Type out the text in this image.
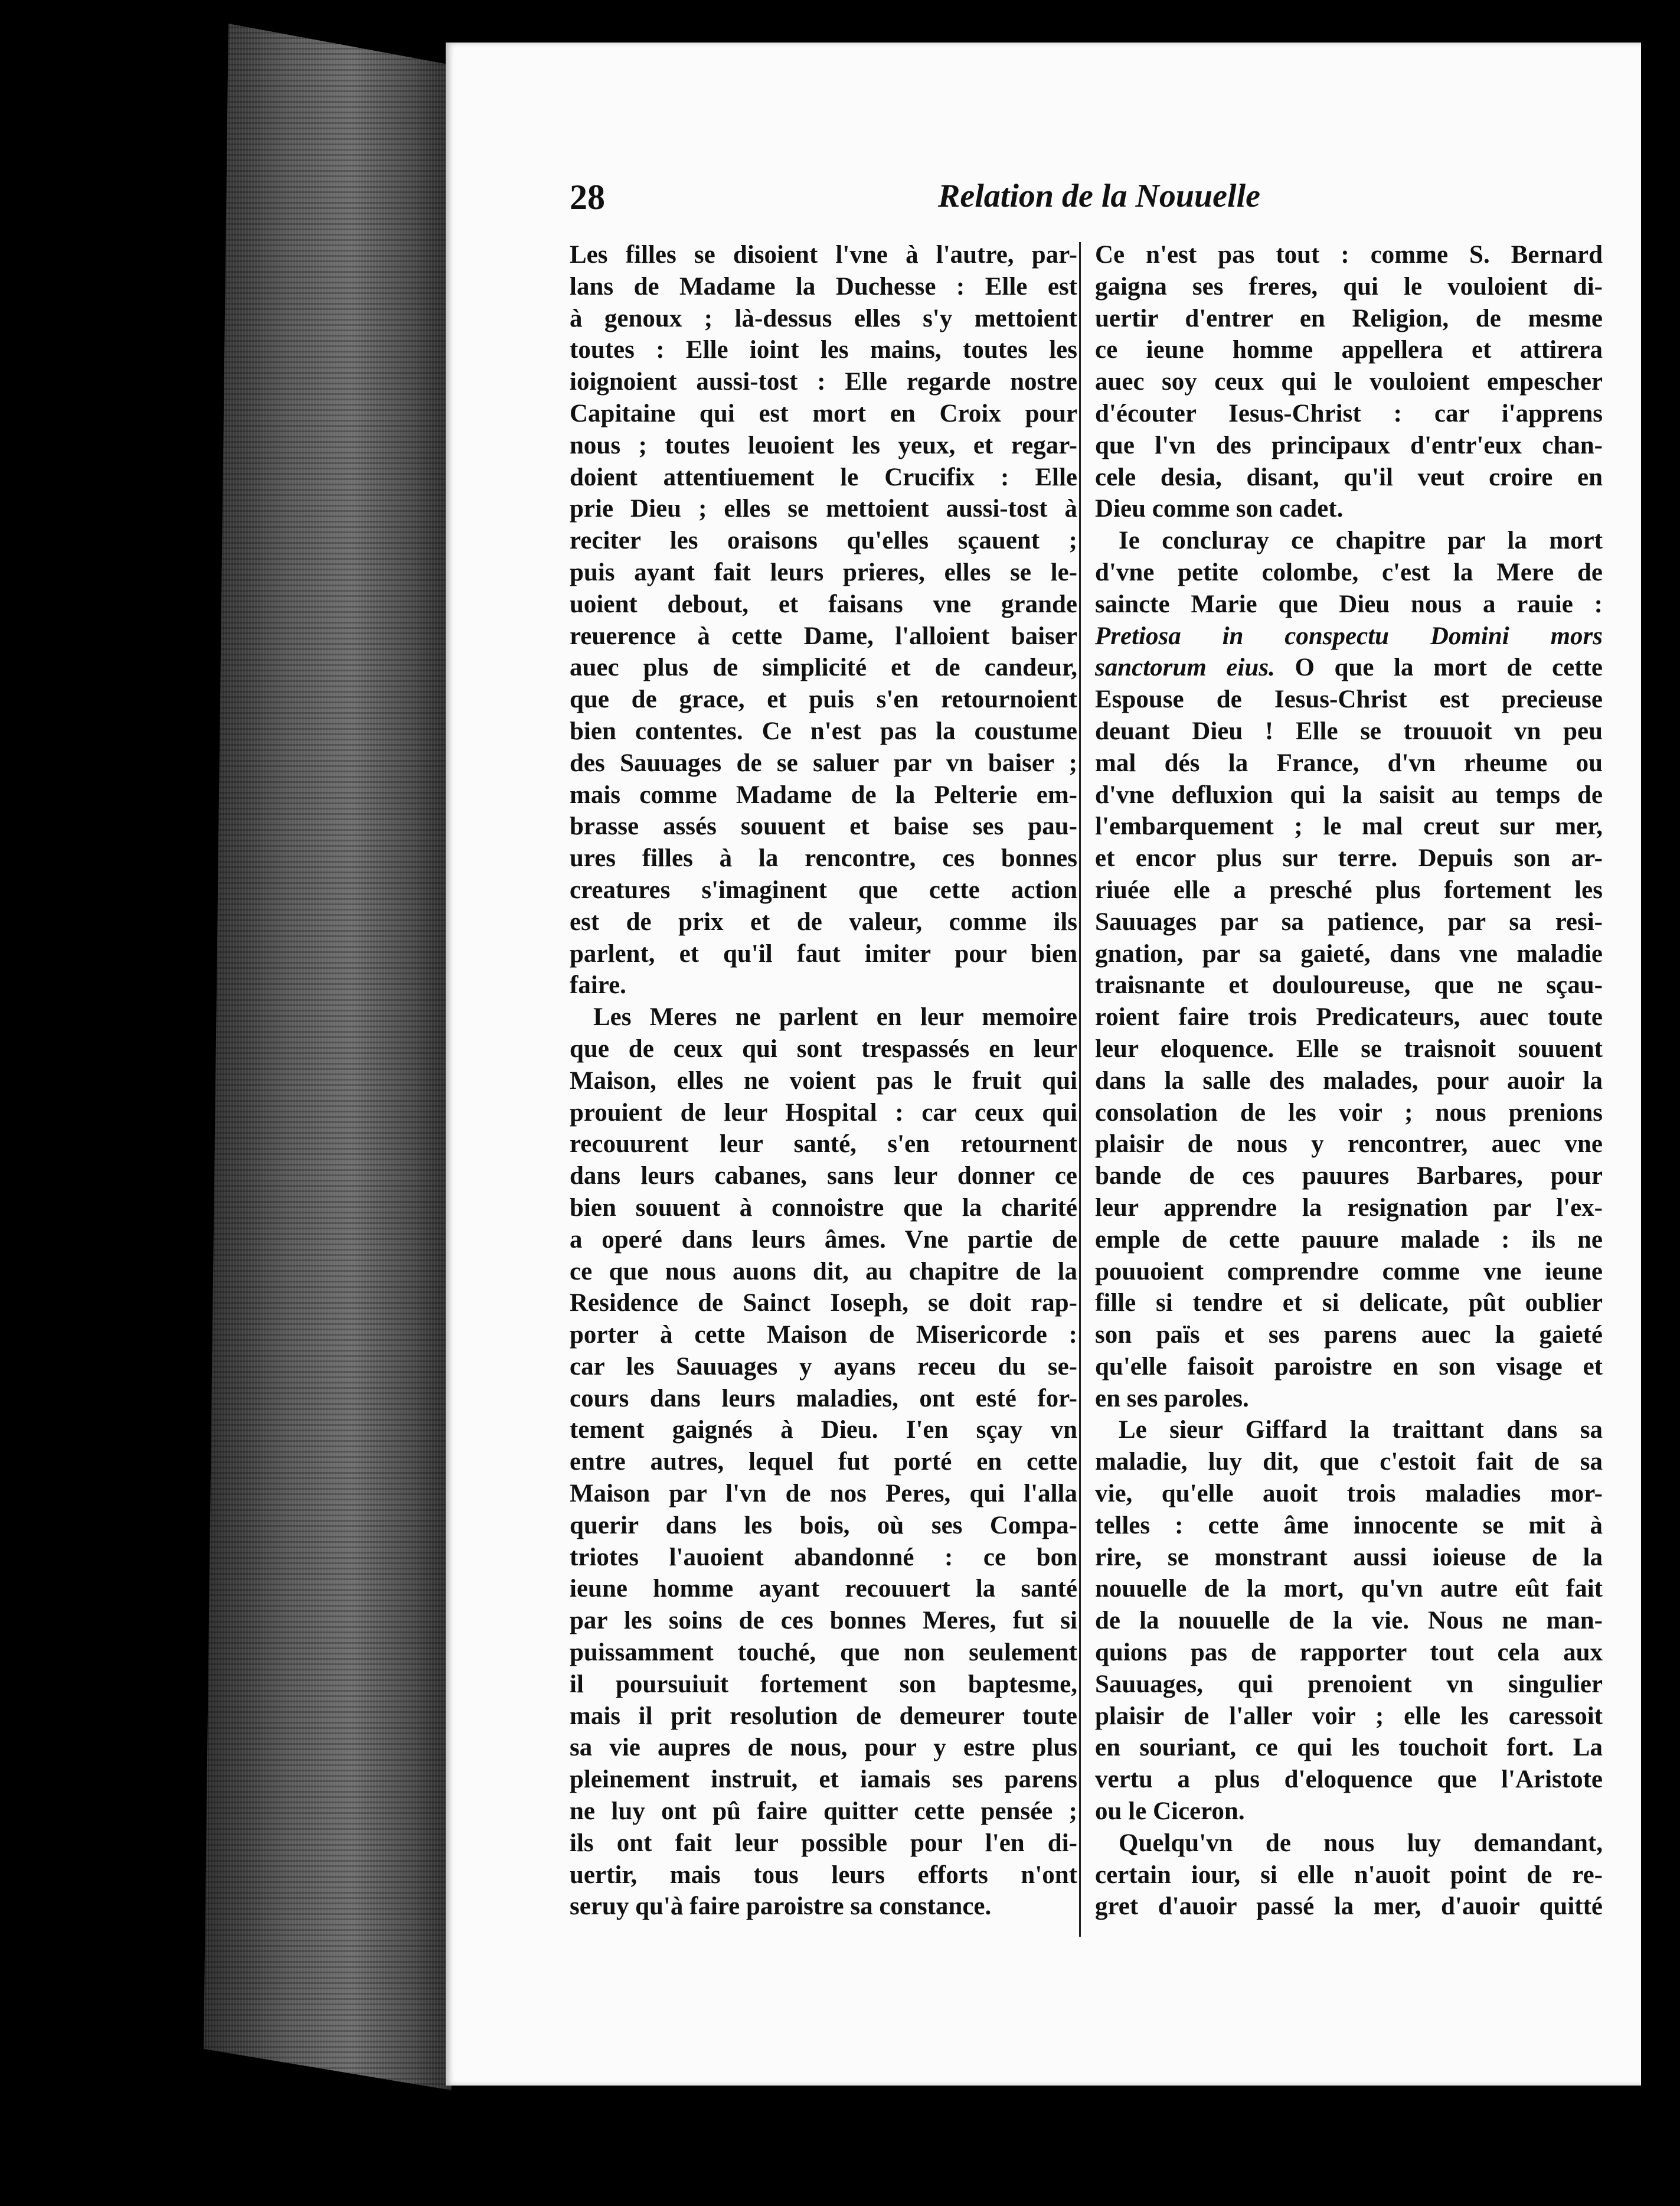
28	Relation de la Nouuelle
Les filles se disoient l'vne à l'autre, par-
lans de Madame la Duchesse : Elle est
à genoux ; là-dessus elles s'y mettoient
toutes : Elle ioint les mains, toutes les
ioignoient aussi-tost : Elle regarde nostre
Capitaine qui est mort en Croix pour
nous ; toutes leuoient les yeux, et regar-
doient attentiuement le Crucifix : Elle
prie Dieu ; elles se mettoient aussi-tost à
reciter les oraisons qu'elles sçauent ;
puis ayant fait leurs prieres, elles se le-
uoient debout, et faisans vne grande
reuerence à cette Dame, l'alloient baiser
auec plus de simplicité et de candeur,
que de grace, et puis s'en retournoient
bien contentes. Ce n'est pas la coustume
des Sauuages de se saluer par vn baiser ;
mais comme Madame de la Pelterie em-
brasse assés souuent et baise ses pau-
ures filles à la rencontre, ces bonnes
creatures s'imaginent que cette action
est de prix et de valeur, comme ils
parlent, et qu'il faut imiter pour bien
faire.
Les Meres ne parlent en leur memoire
que de ceux qui sont trespassés en leur
Maison, elles ne voient pas le fruit qui
prouient de leur Hospital : car ceux qui
recouurent leur santé, s'en retournent
dans leurs cabanes, sans leur donner ce
bien souuent à connoistre que la charité
a operé dans leurs âmes. Vne partie de
ce que nous auons dit, au chapitre de la
Residence de Sainct Ioseph, se doit rap-
porter à cette Maison de Misericorde :
car les Sauuages y ayans receu du se-
cours dans leurs maladies, ont esté for-
tement gaignés à Dieu. I'en sçay vn
entre autres, lequel fut porté en cette
Maison par l'vn de nos Peres, qui l'alla
querir dans les bois, où ses Compa-
triotes l'auoient abandonné : ce bon
ieune homme ayant recouuert la santé
par les soins de ces bonnes Meres, fut si
puissamment touché, que non seulement
il poursuiuit fortement son baptesme,
mais il prit resolution de demeurer toute
sa vie aupres de nous, pour y estre plus
pleinement instruit, et iamais ses parens
ne luy ont pû faire quitter cette pensée ;
ils ont fait leur possible pour l'en di-
uertir, mais tous leurs efforts n'ont
seruy qu'à faire paroistre sa constance.
Ce n'est pas tout : comme S. Bernard
gaigna ses freres, qui le vouloient di-
uertir d'entrer en Religion, de mesme
ce ieune homme appellera et attirera
auec soy ceux qui le vouloient empescher
d'écouter Iesus-Christ : car i'apprens
que l'vn des principaux d'entr'eux chan-
cele desia, disant, qu'il veut croire en
Dieu comme son cadet.
Ie concluray ce chapitre par la mort
d'vne petite colombe, c'est la Mere de
saincte Marie que Dieu nous a rauie :
Pretiosa in conspectu Domini mors
sanctorum eius. O que la mort de cette
Espouse de Iesus-Christ est precieuse
deuant Dieu ! Elle se trouuoit vn peu
mal dés la France, d'vn rheume ou
d'vne defluxion qui la saisit au temps de
l'embarquement ; le mal creut sur mer,
et encor plus sur terre. Depuis son ar-
riuée elle a presché plus fortement les
Sauuages par sa patience, par sa resi-
gnation, par sa gaieté, dans vne maladie
traisnante et douloureuse, que ne sçau-
roient faire trois Predicateurs, auec toute
leur eloquence. Elle se traisnoit souuent
dans la salle des malades, pour auoir la
consolation de les voir ; nous prenions
plaisir de nous y rencontrer, auec vne
bande de ces pauures Barbares, pour
leur apprendre la resignation par l'ex-
emple de cette pauure malade : ils ne
pouuoient comprendre comme vne ieune
fille si tendre et si delicate, pût oublier
son païs et ses parens auec la gaieté
qu'elle faisoit paroistre en son visage et
en ses paroles.
Le sieur Giffard la traittant dans sa
maladie, luy dit, que c'estoit fait de sa
vie, qu'elle auoit trois maladies mor-
telles : cette âme innocente se mit à
rire, se monstrant aussi ioieuse de la
nouuelle de la mort, qu'vn autre eût fait
de la nouuelle de la vie. Nous ne man-
quions pas de rapporter tout cela aux
Sauuages, qui prenoient vn singulier
plaisir de l'aller voir ; elle les caressoit
en souriant, ce qui les touchoit fort. La
vertu a plus d'eloquence que l'Aristote
ou le Ciceron.
Quelqu'vn de nous luy demandant,
certain iour, si elle n'auoit point de re-
gret d'auoir passé la mer, d'auoir quitté
